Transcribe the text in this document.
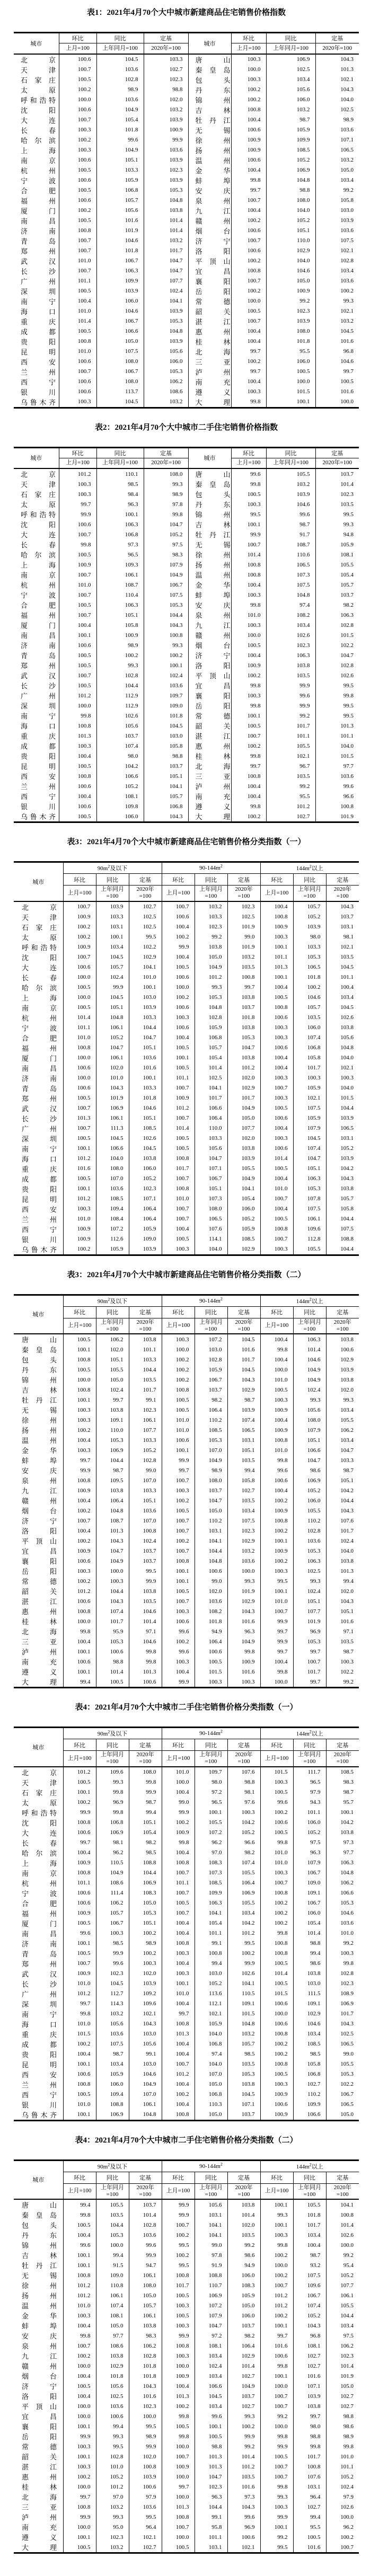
表1：2021年4月70个大中城市新建商品住宅销售价格指数
城市	环比	同比	定基	城市	环比	同比	定基
	上月=100	上年同月=100	2020年=100		上月=100	上年同月=100	2020年=100
北京	100.6	104.5	103.3	唐山	100.3	106.9	104.3
天津	100.7	103.6	102.7	秦皇岛	100.0	102.5	101.3
石家庄	100.5	102.8	102.3	包头	100.3	103.4	102.1
太原	100.2	98.9	98.8	丹东	100.2	105.6	104.3
呼和浩特	100.0	103.6	102.0	锦州	100.2	106.0	104.0
沈阳	100.6	104.9	103.2	吉林	100.8	103.2	102.5
大连	100.7	105.4	103.9	牡丹江	100.4	98.7	98.9
长春	100.3	101.8	100.9	无锡	100.6	105.9	103.6
哈尔滨	100.2	99.6	99.9	徐州	100.9	109.9	107.1
上海	100.3	104.9	103.6	扬州	100.9	108.5	106.5
南京	100.6	105.1	103.9	温州	100.6	105.2	103.2
杭州	100.5	103.3	102.3	金华	100.4	106.9	105.0
宁波	100.6	105.9	103.9	蚌埠	99.8	104.8	103.4
合肥	100.5	106.8	105.3	安庆	99.7	98.8	99.2
福州	100.6	105.7	104.8	泉州	100.7	108.0	105.8
厦门	100.2	105.6	103.8	九江	100.4	104.0	103.0
南昌	100.5	101.6	101.4	赣州	100.2	105.2	103.9
济南	100.8	101.9	101.4	烟台	100.6	105.1	103.6
青岛	100.7	104.6	103.2	济宁	100.7	110.0	107.5
郑州	100.7	101.8	101.7	洛阳	100.6	102.9	102.1
武汉	101.0	106.7	104.7	平顶山	100.2	104.0	102.8
长沙	100.7	106.3	104.7	宜昌	100.8	104.6	103.4
广州	101.1	109.9	107.7	襄阳	100.7	105.0	103.6
深圳	100.5	103.9	102.4	岳阳	100.2	100.9	100.2
南宁	100.4	106.0	104.1	常德	100.0	99.2	99.3
海口	101.0	104.6	103.9	韶关	100.5	102.3	102.1
重庆	101.4	106.7	105.3	湛江	100.7	103.9	103.2
成都	100.5	106.6	104.8	惠州	100.4	108.0	104.5
贵阳	100.8	105.0	103.9	桂林	100.4	101.8	101.6
昆明	101.0	107.5	105.6	北海	99.7	95.5	96.8
西安	100.6	108.0	106.0	三亚	100.2	106.0	104.6
兰州	100.7	106.7	105.3	泸州	99.7	100.5	99.7
西宁	100.6	108.0	106.2	南充	100.4	100.0	100.5
银川	100.6	113.7	108.6	遵义	100.3	101.5	101.6
乌鲁木齐	100.3	104.5	103.2	大理	99.8	100.1	100.0
表2：2021年4月70个大中城市二手住宅销售价格指数
城市	环比	同比	定基	城市	环比	同比	定基
	上月=100	上年同月=100	2020年=100		上月=100	上年同月=100	2020年=100
北京	101.2	110.1	108.0	唐山	99.6	105.5	103.7
天津	100.3	98.5	99.3	秦皇岛	99.8	103.2	101.4
石家庄	100.3	98.4	98.9	包头	100.5	103.9	102.3
太原	99.7	96.3	97.8	丹东	100.3	104.6	103.5
呼和浩特	99.9	100.1	99.8	锦州	99.5	99.6	99.5
沈阳	100.6	106.3	104.7	吉林	100.1	98.7	99.3
大连	100.7	106.8	105.2	牡丹江	99.9	91.7	94.8
长春	99.8	97.3	97.5	无锡	100.7	108.7	105.9
哈尔滨	100.5	96.5	98.3	徐州	101.4	110.6	108.1
上海	100.9	109.3	107.9	扬州	100.8	106.5	105.5
南京	100.7	106.1	104.9	温州	100.8	107.3	105.4
杭州	101.0	108.7	106.7	金华	100.4	107.5	105.7
宁波	100.7	110.4	107.5	蚌埠	100.3	104.8	103.7
合肥	100.5	106.3	105.3	安庆	99.8	97.4	98.2
福州	100.7	105.1	104.4	泉州	101.0	108.2	106.3
厦门	100.4	105.8	104.3	九江	100.3	103.4	102.8
南昌	100.1	100.9	100.8	赣州	100.0	102.6	101.5
济南	100.6	98.9	99.3	烟台	100.5	102.3	102.2
青岛	100.5	100.2	100.2	济宁	100.4	106.3	104.7
郑州	100.5	99.3	100.1	洛阳	100.9	103.8	102.8
武汉	100.7	102.8	102.4	平顶山	100.2	103.5	102.6
长沙	100.5	104.4	103.6	宜昌	99.8	99.9	99.5
广州	101.2	112.9	109.7	襄阳	100.3	99.6	99.8
深圳	100.0	112.9	109.0	岳阳	99.8	99.9	99.5
南宁	99.8	102.6	101.8	常德	100.1	99.2	99.5
海口	100.8	105.6	104.5	韶关	100.5	101.7	101.3
重庆	101.3	103.7	103.0	湛江	100.7	101.1	101.1
成都	100.3	107.4	105.8	惠州	100.2	105.5	104.0
贵阳	100.4	98.0	98.8	桂林	99.8	102.1	101.5
昆明	100.5	104.2	103.7	北海	99.7	96.7	97.7
西安	100.8	106.6	105.1	三亚	100.8	103.5	103.6
兰州	100.6	105.2	104.1	泸州	100.4	99.2	99.6
西宁	100.4	108.1	105.7	南充	100.4	95.5	96.6
银川	100.6	109.8	106.8	遵义	99.8	101.2	100.8
乌鲁木齐	100.5	106.0	104.3	大理	100.2	102.7	101.9
表3：2021年4月70个大中城市新建商品住宅销售价格分类指数（一）
城市	$90m^2$及以下			$90-144m^2$			$144m^2$以上		
	环比	同比	定基	环比	同比	定基	环比	同比	定基

	上月=100	上年同月
=100	2020年
=100	上月=100	上年同月
=100	2020年
=100	上月=100	上年同月
=100	2020年
=100

北京	100.7	103.9	102.7	100.7	103.2	102.3	100.4	105.7	104.3
天津	100.9	103.3	102.5	100.6	103.3	102.5	100.8	105.2	103.7
石家庄	100.2	103.1	102.5	100.4	102.3	101.9	100.9	103.9	103.1
太原	100.2	100.1	99.5	100.2	99.2	99.0	100.3	98.0	98.1
呼和浩特	100.9	103.4	102.2	99.9	103.8	101.9	100.1	103.3	102.1
沈阳	100.7	104.5	102.9	100.4	105.0	103.2	101.1	105.3	103.5
大连	100.6	105.7	104.1	100.5	104.9	103.5	101.3	106.5	104.5
长春	100.0	102.4	101.0	100.6	101.2	100.8	100.1	101.8	101.1
哈尔滨	100.5	99.9	100.1	100.0	99.3	99.7	100.4	100.2	100.4
上海	100.0	104.5	103.0	100.2	105.3	103.8	100.5	104.6	103.4
南京	100.5	105.1	103.9	100.6	104.8	103.7	100.8	105.7	104.5
杭州	101.4	104.8	103.3	100.3	102.8	101.8	100.6	103.5	102.6
宁波	101.1	106.1	104.4	100.6	105.9	103.8	100.3	106.0	103.8
合肥	101.0	105.2	104.7	100.4	106.8	105.3	100.3	107.4	105.6
福州	100.8	104.7	105.1	100.5	105.7	104.7	100.6	106.8	104.8
厦门	100.0	106.1	103.6	100.1	105.4	103.8	100.4	105.8	104.0
南昌	100.6	102.0	101.6	100.5	101.4	101.2	100.4	101.7	102.1
济南	100.0	101.0	100.1	101.1	102.5	102.0	100.3	100.3	100.3
青岛	100.6	104.3	103.3	100.7	104.1	102.9	100.7	105.9	104.0
郑州	100.5	101.9	101.8	100.9	101.7	101.7	100.3	102.1	101.5
武汉	100.7	106.9	104.6	101.2	106.6	104.9	100.5	107.5	104.4
长沙	101.3	106.1	105.1	100.7	106.4	105.0	100.6	105.9	103.9
广州	100.7	111.3	108.5	101.4	110.0	107.7	100.4	107.9	106.5
深圳	100.5	104.5	102.6	100.5	103.3	102.0	100.3	104.5	103.1
南宁	100.1	106.6	104.5	100.5	105.6	103.8	100.6	107.4	105.2
海口	101.2	104.0	103.8	100.8	104.7	103.9	101.4	104.7	103.9
重庆	101.6	108.0	106.0	101.7	107.1	105.5	100.5	105.1	104.2
成都	100.5	107.0	105.2	100.7	106.7	104.9	100.4	106.3	104.3
贵阳	100.1	103.6	102.3	100.8	105.1	104.1	101.0	105.3	103.8
昆明	101.2	108.5	107.1	101.0	107.3	105.4	100.7	107.8	105.7
西安	100.3	109.4	106.4	100.7	108.0	106.0	100.4	107.5	105.8
兰州	101.0	108.4	106.4	100.7	106.5	105.2	100.5	106.1	104.4
西宁	100.9	107.2	105.9	100.4	107.6	105.9	100.8	109.6	107.5
银川	100.9	112.6	109.0	100.5	114.1	108.5	100.7	112.8	108.8
乌鲁木齐	100.2	105.9	103.9	100.3	104.0	102.9	100.3	105.5	104.4
表3：2021年4月70个大中城市新建商品住宅销售价格分类指数（二）
城市	$90m^2$及以下			$90-144m^2$			$144m^2$以上		
	环比	同比	定基	环比	同比	定基	环比	同比	定基

	上月=100	上年同月
=100	2020年
=100	上月=100	上年同月
=100	2020年
=100	上月=100	上年同月
=100	2020年
=100

唐山	100.5	106.2	103.8	100.3	107.2	104.5	100.4	106.3	103.8
秦皇岛	100.1	102.0	101.1	100.0	103.0	101.6	99.8	101.4	100.6
包头	100.8	105.1	103.3	100.2	102.8	101.7	100.4	104.6	102.9
丹东	100.5	105.5	104.4	100.2	105.9	104.5	100.0	104.9	103.9
锦州	100.0	105.0	103.5	100.2	106.7	104.3	101.0	104.9	103.8
吉林	100.8	102.4	101.7	100.8	103.7	102.9	100.5	102.4	102.0
牡丹江	100.1	99.7	99.1	100.5	98.2	98.7	100.3	99.3	99.3
无锡	100.3	103.8	102.3	100.5	106.4	103.9	100.9	105.6	103.4
徐州	100.3	109.1	106.1	101.0	110.2	107.4	100.4	108.0	105.5
扬州	100.2	110.0	107.7	101.0	108.5	106.5	100.9	107.9	106.2
温州	100.4	105.3	103.3	100.6	105.3	103.1	100.8	105.1	103.4
金华	100.3	106.9	105.2	100.1	107.0	105.1	101.0	106.6	104.7
蚌埠	99.7	104.4	102.8	99.9	104.9	103.5	99.8	104.7	103.3
安庆	99.9	98.7	99.0	99.7	98.9	99.4	99.6	98.6	98.7
泉州	100.8	109.5	107.0	100.7	108.0	105.8	100.6	106.9	105.1
九江	100.9	103.8	103.3	100.3	103.7	102.7	100.4	105.2	104.2
赣州	100.4	106.4	105.1	100.2	104.7	103.5	100.2	106.0	104.4
烟台	100.2	104.8	103.6	100.5	105.0	103.4	100.9	105.5	104.3
济宁	100.7	108.7	107.0	100.7	110.2	107.5	100.8	110.2	107.6
洛阳	100.4	101.3	100.8	100.7	103.1	102.3	100.2	102.8	101.7
平顶山	100.2	104.3	102.4	100.2	104.1	102.9	100.1	103.6	102.4
宜昌	100.9	104.7	103.7	100.7	104.4	103.2	100.9	105.3	104.0
襄阳	100.6	104.9	103.7	100.8	104.8	103.6	100.2	106.3	103.8
岳阳	100.3	100.0	99.5	100.1	100.6	100.0	100.3	102.5	101.3
常德	100.2	100.3	99.9	100.1	99.0	99.3	99.5	99.3	99.4
韶关	101.2	104.4	103.8	100.5	102.0	101.9	100.1	102.4	102.0
湛江	100.6	104.3	103.5	100.7	103.6	102.9	101.0	105.1	104.3
惠州	100.8	107.4	104.6	100.3	108.2	104.3	100.7	107.7	105.1
桂林	100.0	101.7	101.4	100.6	101.8	101.6	99.9	101.9	101.6
北海	99.8	95.9	97.1	99.6	94.9	96.3	99.7	96.9	97.1
三亚	100.4	105.3	104.6	100.2	106.4	104.9	99.9	105.3	103.5
泸州	100.1	100.6	99.8	99.6	100.6	99.8	99.7	99.7	98.7
南充	100.6	98.8	99.8	100.3	100.5	100.9	100.4	100.7	100.3
遵义	100.1	101.4	101.3	100.4	101.5	101.6	99.8	101.7	102.2
大理	99.4	100.5	100.6	99.9	100.3	100.3	100.0	99.7	99.2
表4：2021年4月70个大中城市二手住宅销售价格分类指数（一）
城市	$90m^2$及以下			$90-144m^2$			$144m^2$以上		
	环比	同比	定基	环比	同比	定基	环比	同比	定基

	上月=100	上年同月
=100	2020年
=100	上月=100	上年同月
=100	2020年
=100	上月=100	上年同月
=100	2020年
=100

北京	101.2	109.6	108.0	101.0	109.7	107.6	101.5	111.7	108.5
天津	100.5	99.3	99.8	100.0	98.0	98.8	100.3	96.5	98.3
石家庄	100.1	99.8	99.9	100.4	97.2	98.1	100.5	97.9	98.7
太原	100.2	96.9	98.7	99.0	96.5	97.6	99.6	94.3	95.7
呼和浩特	99.9	99.8	99.4	99.9	100.1	100.3	100.2	101.1	100.1
沈阳	100.8	106.8	105.1	100.2	105.5	104.2	100.6	106.0	104.2
大连	100.6	106.9	105.4	100.9	107.2	105.2	100.5	105.2	103.8
长春	99.7	98.1	98.2	99.8	96.2	96.6	99.8	97.5	97.3
哈尔滨	100.4	96.2	98.5	100.4	97.0	98.2	101.0	96.3	97.7
上海	100.9	110.5	108.8	100.8	108.3	107.4	101.0	107.9	106.3
南京	100.8	104.9	104.4	100.7	107.3	105.5	100.3	106.7	104.8
杭州	101.1	108.6	106.9	101.1	108.5	106.4	100.7	109.0	106.2
宁波	100.6	111.4	108.3	100.7	109.9	106.9	100.8	109.1	106.6
合肥	100.6	106.2	105.0	100.5	106.3	105.5	100.2	106.7	105.3
福州	100.9	105.7	105.3	100.7	104.1	103.4	100.2	106.0	104.6
厦门	100.5	106.7	105.1	100.4	105.4	104.2	100.2	105.4	103.6
南昌	99.6	100.3	100.2	100.4	101.1	101.2	99.8	101.4	101.0
济南	100.1	98.5	98.9	100.8	99.1	99.5	100.8	98.8	99.2
青岛	100.5	99.9	100.2	100.3	100.8	100.2	100.8	99.4	100.3
郑州	100.7	99.6	100.3	100.4	99.4	99.9	100.5	98.6	99.8
武汉	100.9	102.3	102.0	100.3	103.0	102.6	101.4	103.8	102.8
长沙	101.0	104.5	103.9	100.1	105.2	104.1	100.5	103.0	102.3
广州	101.2	112.7	109.2	101.0	113.6	110.5	101.5	111.5	108.9
深圳	99.7	114.3	109.6	100.4	112.1	109.1	100.6	109.1	106.9
南宁	99.8	103.2	102.1	99.7	102.1	101.5	100.0	102.9	101.7
海口	101.0	105.6	104.3	100.8	105.9	104.8	100.6	104.6	104.3
重庆	101.5	103.6	103.0	101.3	104.0	103.2	100.8	103.4	102.5
成都	100.2	107.5	105.6	100.4	106.8	105.7	100.2	108.5	106.5
贵阳	100.4	98.7	99.1	100.4	97.4	98.5	100.2	98.5	99.0
昆明	100.1	103.4	103.0	100.7	104.0	103.5	100.8	105.8	105.5
西安	100.6	105.9	104.6	101.2	107.0	105.3	100.5	106.8	105.3
兰州	100.8	106.0	104.9	100.4	105.0	103.8	100.3	102.7	102.2
西宁	100.5	109.4	107.0	100.2	106.8	104.5	100.9	110.2	106.7
银川	101.0	108.8	106.1	100.4	110.3	107.1	100.6	109.9	106.5
乌鲁木齐	100.1	106.9	104.8	100.8	105.0	103.7	100.9	106.6	105.0
表4：2021年4月70个大中城市二手住宅销售价格分类指数（二）
城市	$90m^2$及以下			$90-144m^2$			$144m^2$以上		
	环比	同比	定基	环比	同比	定基	环比	同比	定基

	上月=100	上年同月
=100	2020年
=100	上月=100	上年同月
=100	2020年
=100	上月=100	上年同月
=100	2020年
=100

唐山	99.4	105.5	103.7	99.9	105.6	103.8	100.1	105.5	104.1
秦皇岛	99.8	103.5	101.4	99.9	103.1	101.4	99.3	101.8	100.8
包头	100.5	104.4	102.8	100.7	104.1	102.0	100.1	101.7	101.4
丹东	100.4	105.3	103.6	100.2	104.1	103.5	100.3	103.4	102.6
锦州	99.6	100.0	99.6	99.5	99.0	99.2	99.8	100.4	100.0
吉林	100.1	99.4	99.9	100.2	97.8	98.6	100.2	98.7	99.2
牡丹江	100.1	91.5	94.7	99.5	91.9	94.9	100.0	93.2	95.4
无锡	100.8	109.0	106.1	100.8	108.8	106.0	100.2	107.5	105.2
徐州	101.2	110.8	108.0	101.7	110.7	108.3	100.7	109.6	107.7
扬州	101.2	106.1	105.0	100.5	106.9	105.9	101.2	106.7	106.1
温州	101.0	107.4	105.7	100.3	107.2	105.0	101.2	107.4	105.5
金华	100.3	108.1	106.1	100.5	107.9	106.0	100.2	105.2	104.4
蚌埠	100.4	105.0	103.8	100.3	104.7	103.7	100.1	104.3	103.4
安庆	99.8	97.7	98.3	99.9	97.2	98.2	99.7	96.8	97.5
泉州	100.7	108.6	106.2	100.8	108.1	106.4	101.6	108.1	106.2
九江	100.2	103.8	102.8	100.3	103.4	102.9	100.6	102.7	102.3
赣州	100.0	102.9	101.8	100.0	102.4	101.4	99.8	102.7	101.4
烟台	100.4	101.8	101.8	100.9	103.4	102.7	100.1	101.6	101.9
济宁	100.5	105.6	104.3	100.4	106.6	104.9	100.0	107.1	105.0
洛阳	100.4	102.5	101.6	101.3	104.5	103.7	100.7	103.9	102.7
平顶山	100.0	103.6	102.3	100.2	103.4	102.7	100.7	103.8	102.7
宜昌	100.0	100.6	100.0	99.8	99.6	99.3	99.2	99.7	98.8
襄阳	100.1	99.4	99.5	100.5	100.1	100.2	100.0	98.0	98.6
岳阳	99.9	99.3	98.9	99.8	100.5	99.9	99.8	98.8	98.9
常德	100.3	99.5	99.9	100.0	98.8	99.2	99.9	99.8	99.8
韶关	100.1	102.8	102.0	100.7	101.3	101.4	100.5	101.7	101.0
湛江	100.3	101.0	100.8	100.9	101.3	101.2	100.7	100.8	101.1
惠州	100.2	105.2	103.9	100.0	104.7	103.5	100.7	107.6	105.2
桂林	100.0	101.2	100.6	99.7	102.3	101.6	99.8	103.1	102.4
北海	99.7	97.0	97.9	100.0	96.3	97.3	99.3	96.4	97.9
三亚	100.8	103.2	103.6	101.3	104.4	104.3	100.3	102.7	102.6
泸州	99.9	99.3	99.5	100.8	99.1	99.6	99.9	99.4	100.0
南充	100.0	95.0	96.4	100.7	95.8	96.9	100.1	95.5	96.2
遵义	100.1	102.3	102.1	100.0	101.1	100.6	99.2	100.5	100.2
大理	100.5	103.2	102.7	100.5	103.1	102.1	99.5	101.6	100.7
